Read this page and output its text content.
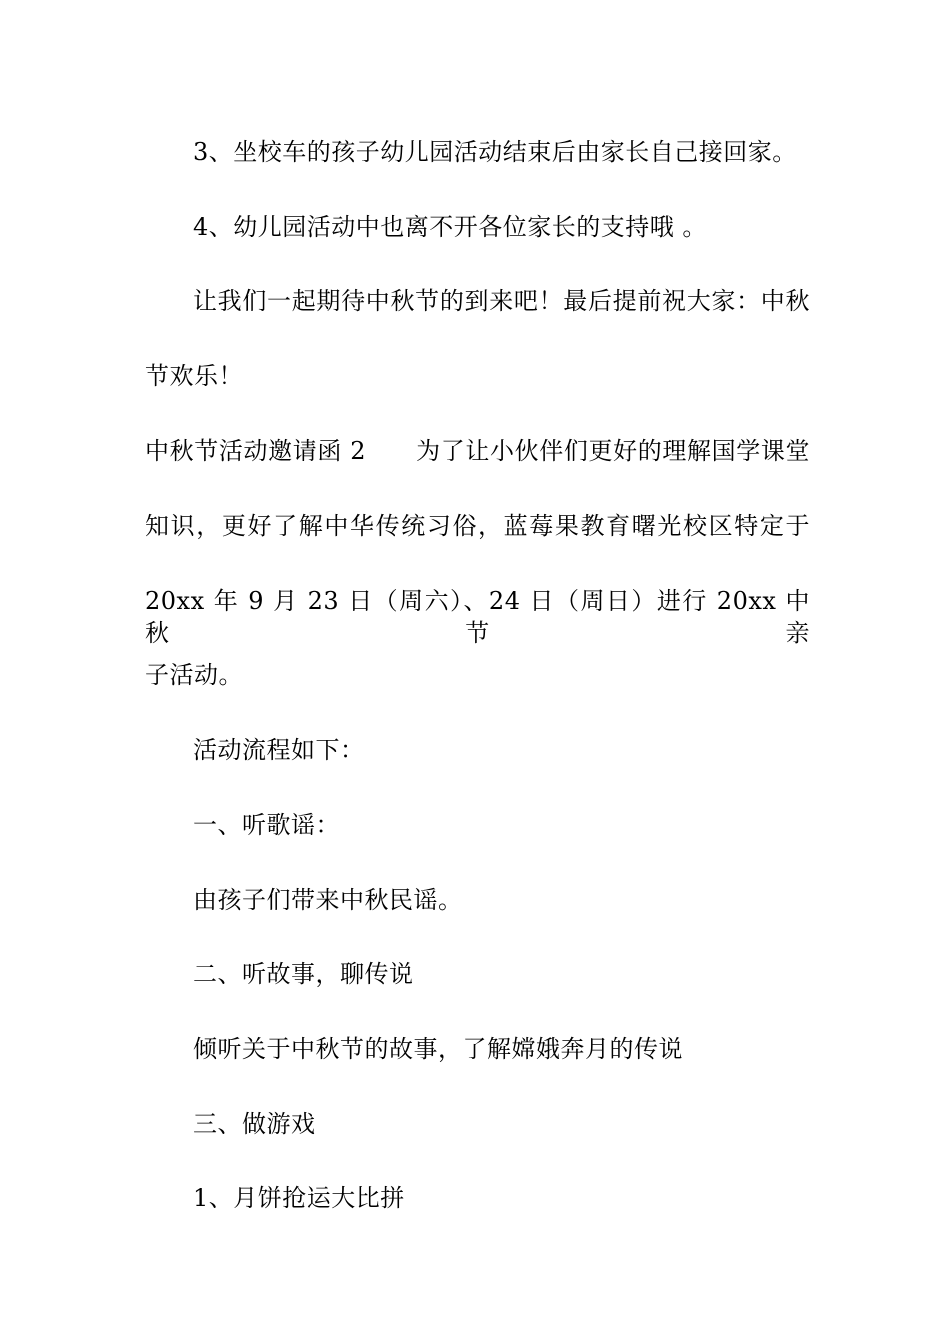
3、坐校车的孩子幼儿园活动结束后由家长自己接回家。
4、幼儿园活动中也离不开各位家长的支持哦 。
让我们一起期待中秋节的到来吧！最后提前祝大家：中秋
节欢乐！
中秋节活动邀请函 2 为了让小伙伴们更好的理解国学课堂
知识，更好了解中华传统习俗，蓝莓果教育曙光校区特定于
20xx 年 9 月 23 日（周六）、24 日（周日）进行 20xx 中秋节亲
子活动。
活动流程如下：
一、听歌谣：
由孩子们带来中秋民谣。
二、听故事，聊传说
倾听关于中秋节的故事，了解嫦娥奔月的传说
三、做游戏
1、月饼抢运大比拼
